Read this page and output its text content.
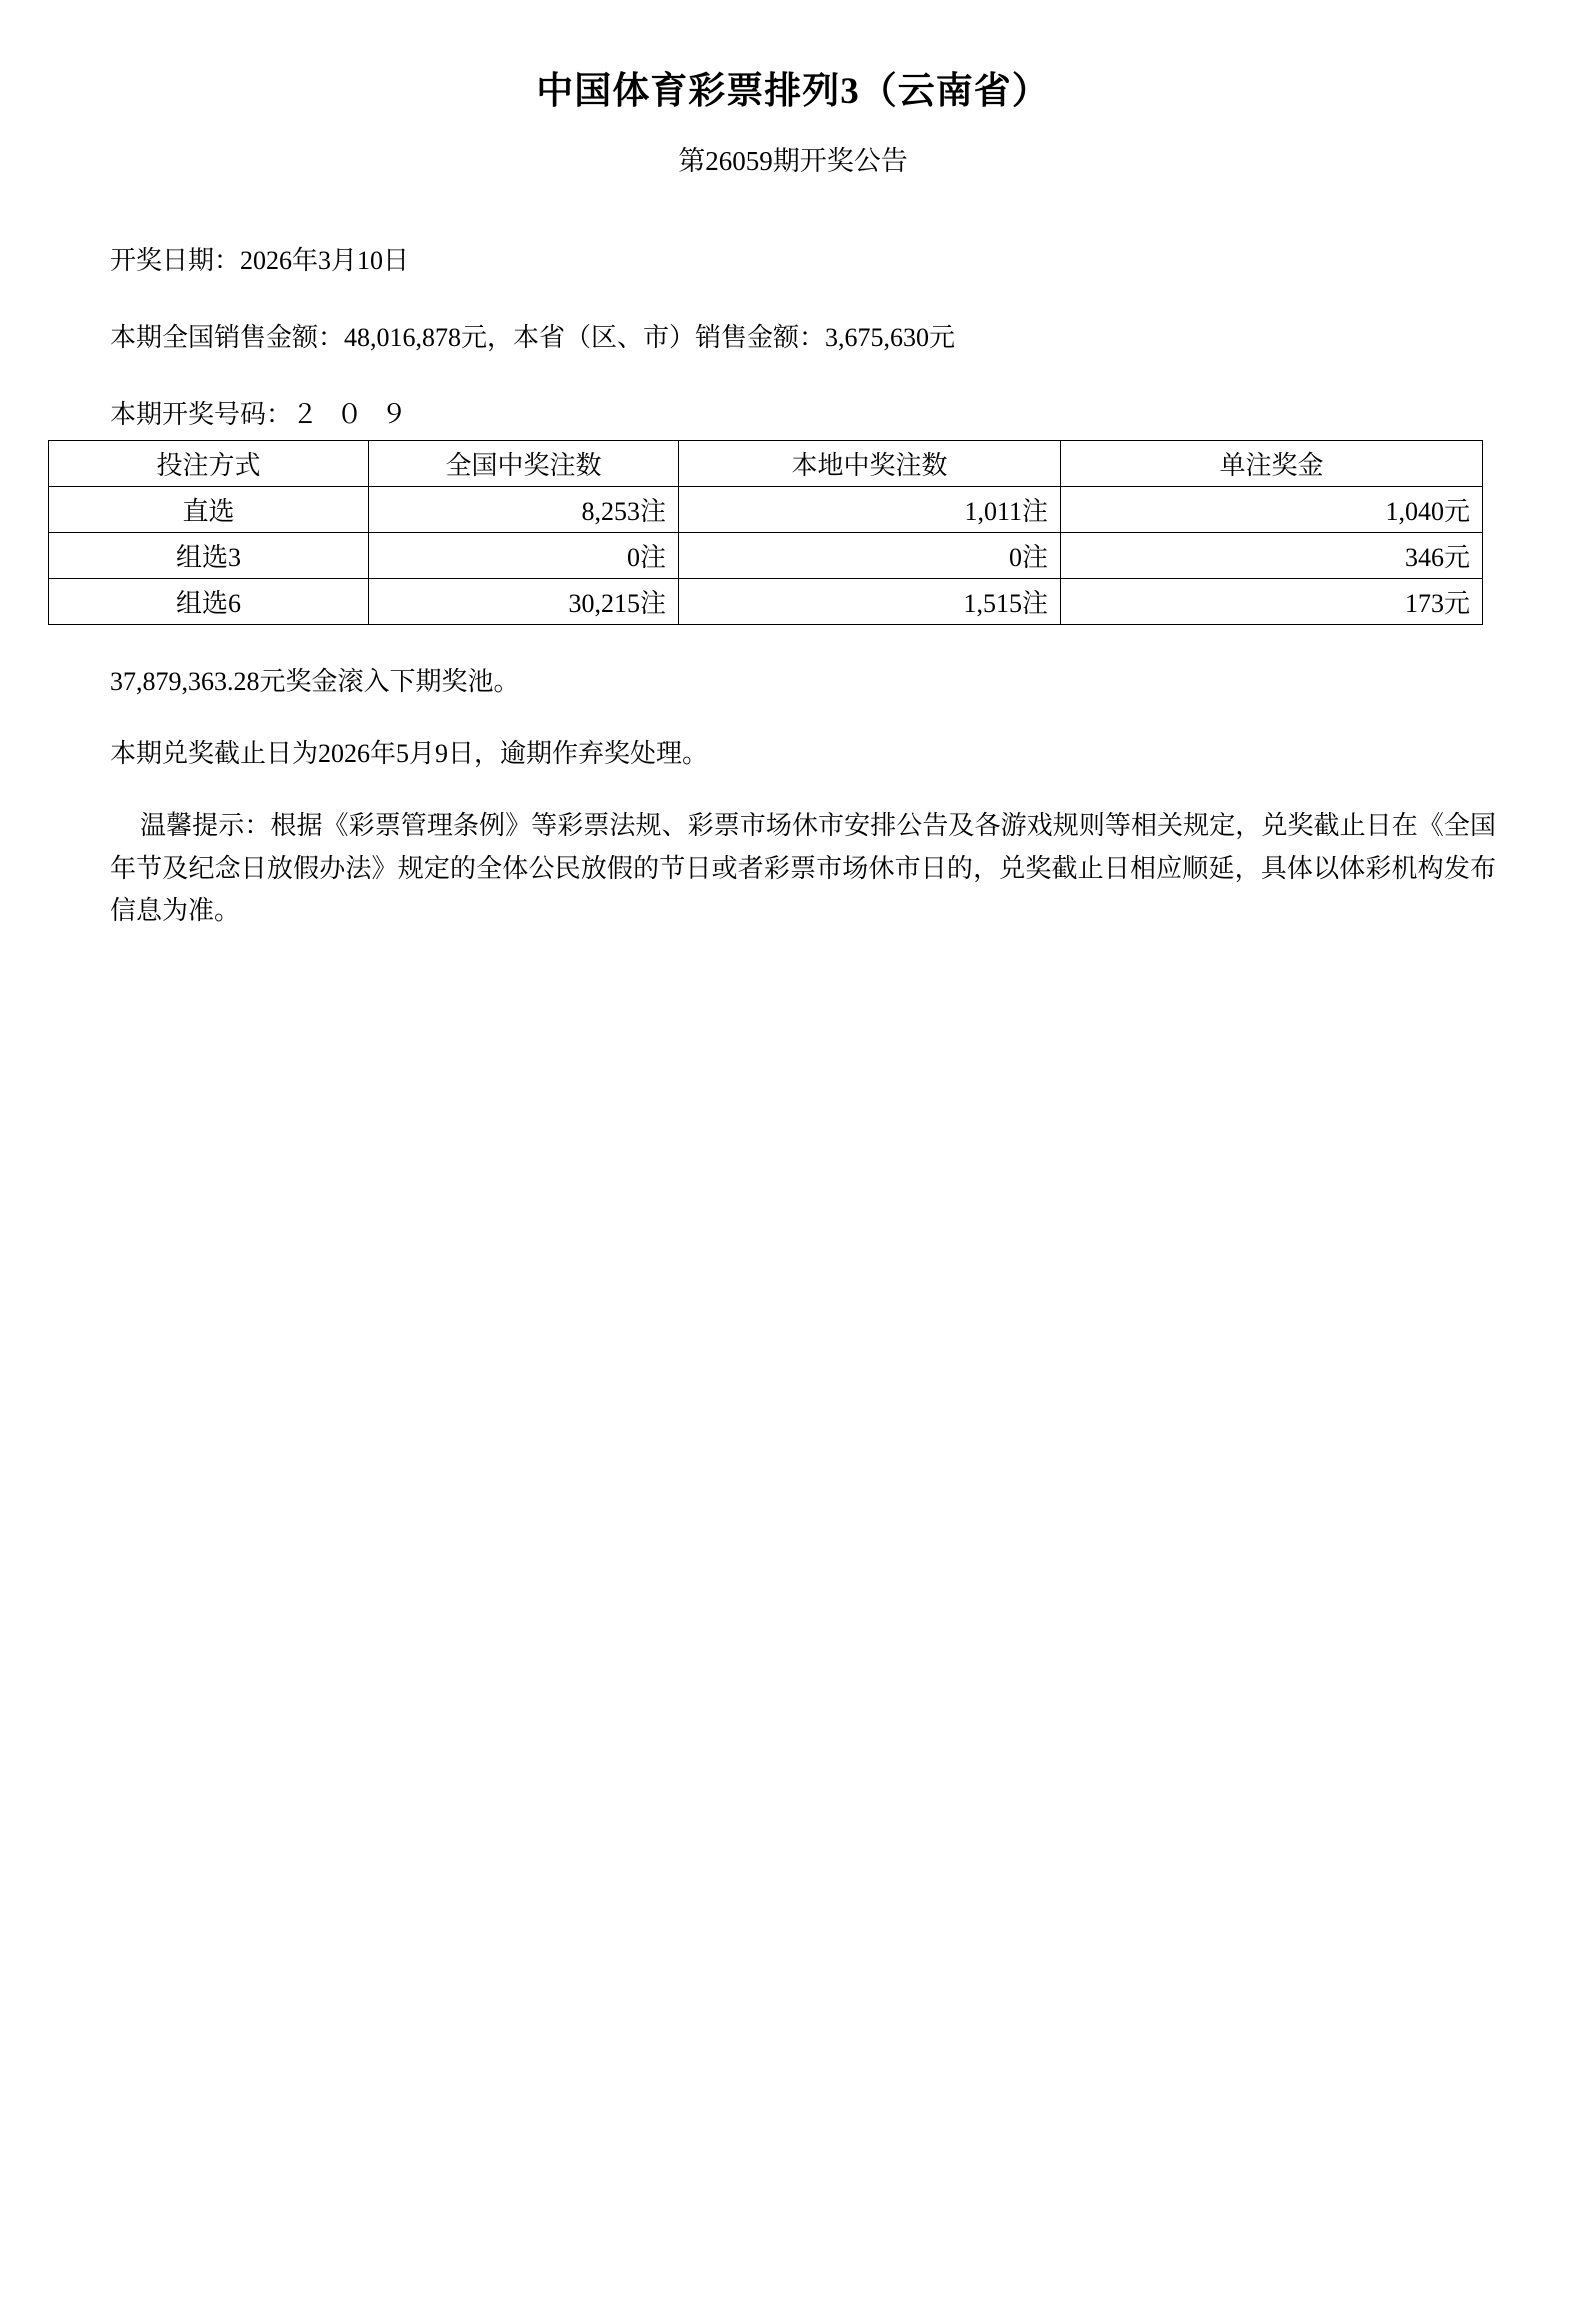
中国体育彩票排列3（云南省）
第26059期开奖公告

开奖日期：2026年3月10日

本期全国销售金额：48,016,878元，本省（区、市）销售金额：3,675,630元

本期开奖号码：２ ０ ９

投注方式	全国中奖注数	本地中奖注数	单注奖金
直选	8,253注	1,011注	1,040元
组选3	0注	0注	346元
组选6	30,215注	1,515注	173元

37,879,363.28元奖金滚入下期奖池。

本期兑奖截止日为2026年5月9日，逾期作弃奖处理。

温馨提示：根据《彩票管理条例》等彩票法规、彩票市场休市安排公告及各游戏规则等相关规定，兑奖截止日在《全国年节及纪念日放假办法》规定的全体公民放假的节日或者彩票市场休市日的，兑奖截止日相应顺延，具体以体彩机构发布信息为准。
